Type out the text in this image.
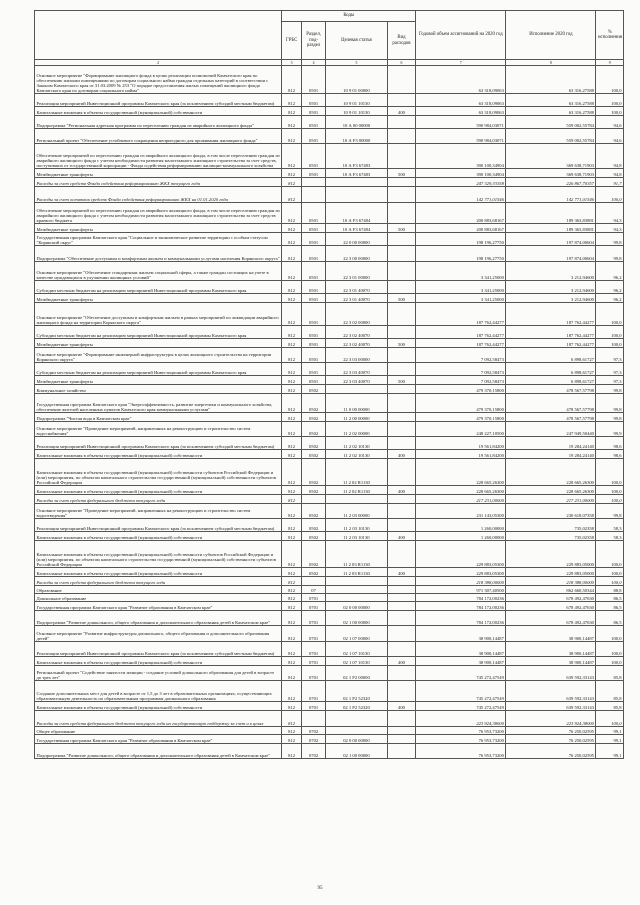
	Коды				Годовой объем ассигнований на 2020 год	Исполнение 2020 год	% исполнения
	ГРБС	Раздел, под-раздел	Целевая статья	Вид расходов			
2	3	4	5	6	7	8	9
Основное мероприятие "Формирование жилищного фонда в целях реализации полномочий Камчатского края по обеспечению жилыми помещениями по договорам социального найма граждан отдельных категорий в соответствии с Законом Камчатского края от 31.03.2009 № 253 "О порядке предоставления жилых помещений жилищного фонда Камчатского края по договорам социального найма"	812	0501	10 9 01 00000		63 318,09063	63 316,27588	100,0
Реализация мероприятий Инвестиционной программы Камчатского края (за исключением субсидий местным бюджетам)	812	0501	10 9 01 10130		63 318,09063	63 316,27588	100,0
Капитальные вложения в объекты государственной (муниципальной) собственности	812	0501	10 9 01 10130	400	63 318,09063	63 316,27588	100,0
Подпрограмма "Региональная адресная программа по переселению граждан из аварийного жилищного фонда"	812	0501	10 А 00 00000		590 984,03071	559 002,55784	94,6
Региональный проект "Обеспечение устойчивого сокращения непригодного для проживания жилищного фонда"	812	0501	10 А F3 00000		590 984,03071	559 002,55784	94,6
Обеспечение мероприятий по переселению граждан из аварийного жилищного фонда, в том числе переселению граждан из аварийного жилищного фонда с учетом необходимости развития малоэтажного жилищного строительства за счет средств, поступивших от государственной корпорации - Фонда содействия реформированию жилищно-коммунального хозяйства	812	0501	10 А F3 67483		390 100,34904	369 638,71903	94,8
Межбюджетные трансферты	812	0501	10 А F3 67483	500	390 100,34904	369 638,71903	94,8
Расходы за счет средств Фонда содействия реформированию ЖКХ текущего года	812				247 329,33358	226 867,70357	91,7
Расходы за счет остатков средств Фонда содействия реформированию ЖКХ на 01.01.2020 года	812				142 771,01546	142 771,01546	100,0
Обеспечение мероприятий по переселению граждан из аварийного жилищного фонда, в том числе переселению граждан из аварийного жилищного фонда с учетом необходимости развития малоэтажного жилищного строительства за счет средств краевого бюджета	812	0501	10 А F3 67484		200 883,68167	189 363,83881	94,3
Межбюджетные трансферты	812	0501	10 А F3 67484	500	200 883,68167	189 363,83881	94,3
Государственная программа Камчатского края "Социальное и экономическое развитие территории с особым статусом "Корякский округ"	812	0501	22 0 00 00000		198 196,27750	197 874,00604	99,8
Подпрограмма "Обеспечение доступным и комфортным жильем и коммунальными услугами населения Корякского округа"	812	0501	22 3 00 00000		198 196,27750	197 874,00604	99,8
Основное мероприятие "Обеспечение стандартным жильем социальной сферы, а также граждан состоящих на учете в качестве нуждающихся в улучшении жилищных условий"	812	0501	22 3 01 00000		3 341,25000	3 212,94600	96,2
Субсидии местным бюджетам на реализацию мероприятий Инвестиционной программы Камчатского края	812	0501	22 3 01 40070		3 341,25000	3 212,94600	96,2
Межбюджетные трансферты	812	0501	22 3 01 40070	500	3 341,25000	3 212,94600	96,2
Основное мероприятие "Обеспечение доступным и комфортным жильем в рамках мероприятий по ликвидации аварийного жилищного фонда на территории Корякского округа"	812	0501	22 3 02 00000		187 762,44277	187 762,44277	100,0
Субсидии местным бюджетам на реализацию мероприятий Инвестиционной программы Камчатского края	812	0501	22 3 02 40070		187 762,44277	187 762,44277	100,0
Межбюджетные трансферты	812	0501	22 3 02 40070	500	187 762,44277	187 762,44277	100,0
Основное мероприятие "Формирование инженерной инфраструктуры в целях жилищного строительства на территории Корякского округа"	812	0501	22 3 03 00000		7 092,58473	6 898,61727	97,3
Субсидии местным бюджетам на реализацию мероприятий Инвестиционной программы Камчатского края	812	0501	22 3 03 40070		7 092,58473	6 898,61727	97,3
Межбюджетные трансферты	812	0501	22 3 03 40070	500	7 092,58473	6 898,61727	97,3
Коммунальное хозяйство	812	0502			479 370,15800	478 567,57798	99,8
Государственная программа Камчатского края "Энергоэффективность, развитие энергетики и коммунального хозяйства, обеспечение жителей населенных пунктов Камчатского края коммунальными услугами"	812	0502	11 0 00 00000		479 370,15800	478 567,57798	99,8
Подпрограмма "Чистая вода в Камчатском крае"	812	0502	11 2 00 00000		479 370,15800	478 567,57798	99,8
Основное мероприятие "Проведение мероприятий, направленных на реконструкцию и строительство систем водоснабжения"	812	0502	11 2 02 00000		248 227,10500	247 949,50440	99,9
Реализация мероприятий Инвестиционной программы Камчатского края (за исключением субсидий местным бюджетам)	812	0502	11 2 02 10130		19 561,84200	19 284,24140	98,6
Капитальные вложения в объекты государственной (муниципальной) собственности	812	0502	11 2 02 10130	400	19 561,84200	19 284,24140	98,6
Капитальные вложения в объекты государственной (муниципальной) собственности субъектов Российской Федерации и (или) мероприятия, по объектам капитального строительства государственной (муниципальной) собственности субъектов Российской Федерации	812	0502	11 2 02 R1130		228 665,26300	228 665,26300	100,0
Капитальные вложения в объекты государственной (муниципальной) собственности	812	0502	11 2 02 R1130	400	228 665,26300	228 665,26300	100,0
Расходы за счет средств федерального бюджета текущего года	812				217 231,00000	217 231,00000	100,0
Основное мероприятие "Проведение мероприятий, направленных на реконструкцию и строительство систем водоотведения"	812	0502	11 2 03 00000		231 143,05300	230 618,07358	99,8
Реализация мероприятий Инвестиционной программы Камчатского края (за исключением субсидий местным бюджетам)	812	0502	11 2 03 10130		1 260,00000	735,02358	58,3
Капитальные вложения в объекты государственной (муниципальной) собственности	812	0502	11 2 03 10130	400	1 260,00000	735,02358	58,3
Капитальные вложения в объекты государственной (муниципальной) собственности субъектов Российской Федерации и (или) мероприятия, по объектам капитального строительства государственной (муниципальной) собственности субъектов Российской Федерации	812	0502	11 2 03 R1130		229 883,05300	229 883,05000	100,0
Капитальные вложения в объекты государственной (муниципальной) собственности	812	0502	11 2 03 R1130	400	229 883,05300	229 883,05000	100,0
Расходы за счет средств федерального бюджета текущего года	812				218 388,00000	218 388,00000	100,0
Образование	812	07			971 307,40500	862 660,50344	88,8
Дошкольное образование	812	0701			784 172,00236	678 492,47630	86,5
Государственная программа Камчатского края "Развитие образования в Камчатском крае"	812	0701	02 0 00 00000		784 172,00236	678 492,47630	86,5
Подпрограмма "Развитие дошкольного, общего образования и дополнительного образования детей в Камчатском крае"	812	0701	02 1 00 00000		784 172,00236	678 492,47630	86,5
Основное мероприятие "Развитие инфраструктуры дошкольного, общего образования и дополнительного образования детей"	812	0701	02 1 07 00000		38 900,14487	38 900,14487	100,0
Реализация мероприятий Инвестиционной программы Камчатского края (за исключением субсидий местным бюджетам)	812	0701	02 1 07 10130		38 900,14487	38 900,14487	100,0
Капитальные вложения в объекты государственной (муниципальной) собственности	812	0701	02 1 07 10130	400	38 900,14487	38 900,14487	100,0
Региональный проект "Содействие занятости женщин - создание условий дошкольного образования для детей в возрасте до трех лет"	812	0701	02 1 P2 00000		745 272,47549	639 592,33143	85,8
Создание дополнительных мест для детей в возрасте от 1,5 до 3 лет в образовательных организациях, осуществляющих образовательную деятельность по образовательным программам дошкольного образования	812	0701	02 1 P2 52320		745 272,47549	639 592,33143	85,8
Капитальные вложения в объекты государственной (муниципальной) собственности	812	0701	02 1 P2 52320	400	745 272,47549	639 592,33143	85,8
Расходы за счет средств федерального бюджета текущего года на государственную поддержку за счет и в целях	812				223 924,38000	223 924,38000	100,0
Общее образование	812	0702			76 953,73200	76 250,02595	99,1
Государственная программа Камчатского края "Развитие образования в Камчатском крае"	812	0702	02 0 00 00000		76 953,73200	76 250,02595	99,1
Подпрограмма "Развитие дошкольного, общего образования и дополнительного образования детей в Камчатском крае"	812	0702	02 1 00 00000		76 953,73200	76 250,02595	99,1
95
